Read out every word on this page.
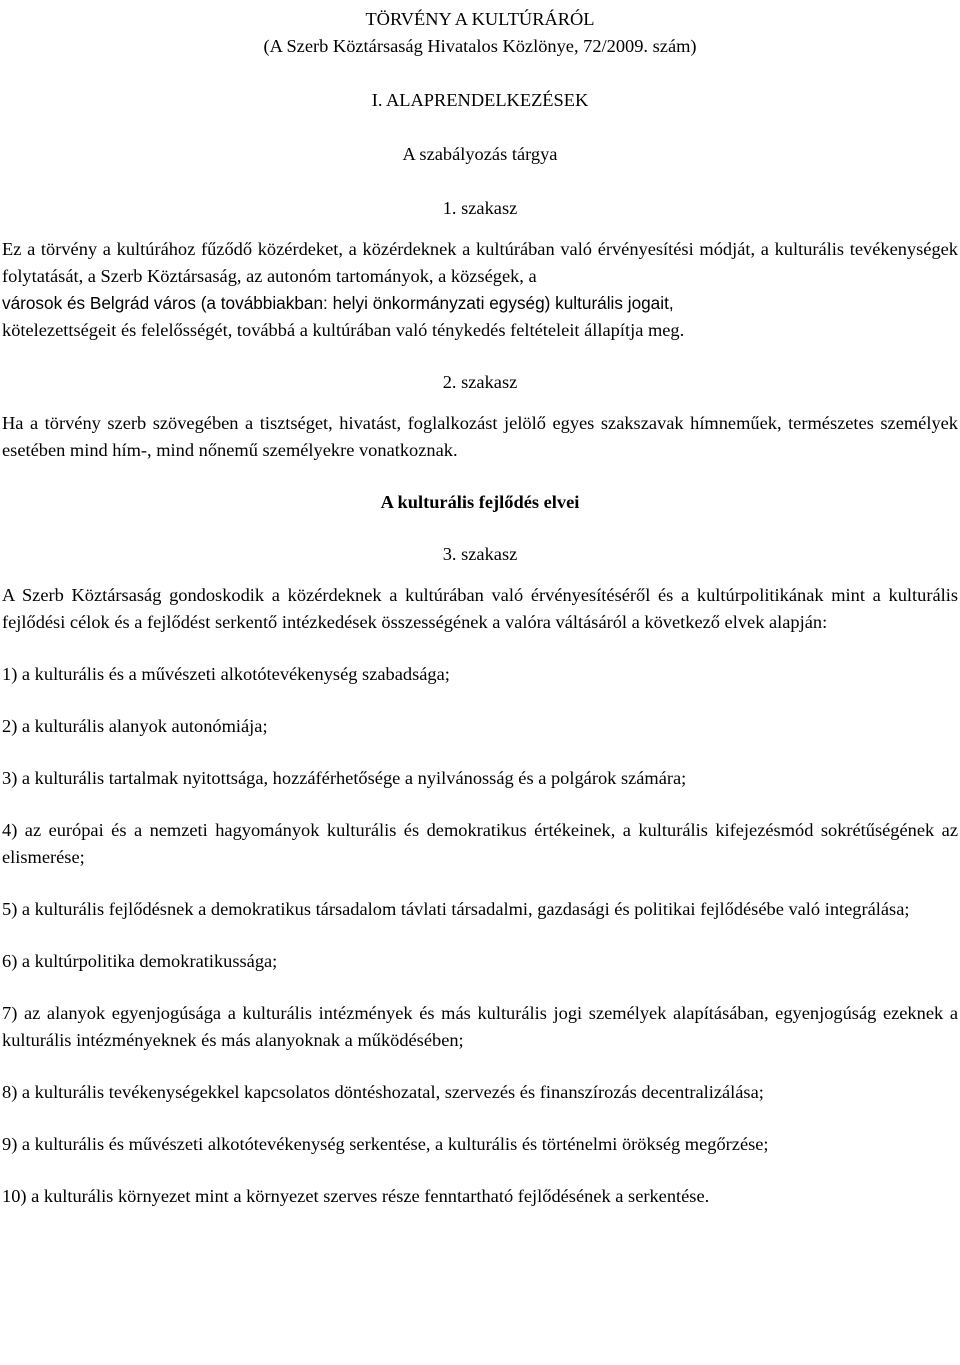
TÖRVÉNY A KULTÚRÁRÓL
(A Szerb Köztársaság Hivatalos Közlönye, 72/2009. szám)
I. ALAPRENDELKEZÉSEK
A szabályozás tárgya
1. szakasz

Ez a törvény a kultúrához fűződő közérdeket, a közérdeknek a kultúrában való érvényesítési módját, a kulturális tevékenységek folytatását, a Szerb Köztársaság, az autonóm tartományok, a községek, a

városok és Belgrád város (a továbbiakban: helyi önkormányzati egység) kulturális jogait,

kötelezettségeit és felelősségét, továbbá a kultúrában való ténykedés feltételeit állapítja meg.

2. szakasz

Ha a törvény szerb szövegében a tisztséget, hivatást, foglalkozást jelölő egyes szakszavak hímneműek, természetes személyek esetében mind hím-, mind nőnemű személyekre vonatkoznak.

A kulturális fejlődés elvei
3. szakasz

A Szerb Köztársaság gondoskodik a közérdeknek a kultúrában való érvényesítéséről és a kultúrpolitikának mint a kulturális fejlődési célok és a fejlődést serkentő intézkedések összességének a valóra váltásáról a következő elvek alapján:

1) a kulturális és a művészeti alkotótevékenység szabadsága;

2) a kulturális alanyok autonómiája;

3) a kulturális tartalmak nyitottsága, hozzáférhetősége a nyilvánosság és a polgárok számára;

4) az európai és a nemzeti hagyományok kulturális és demokratikus értékeinek, a kulturális kifejezésmód sokrétűségének az elismerése;

5) a kulturális fejlődésnek a demokratikus társadalom távlati társadalmi, gazdasági és politikai fejlődésébe való integrálása;

6) a kultúrpolitika demokratikussága;

7) az alanyok egyenjogúsága a kulturális intézmények és más kulturális jogi személyek alapításában, egyenjogúság ezeknek a kulturális intézményeknek és más alanyoknak a működésében;

8) a kulturális tevékenységekkel kapcsolatos döntéshozatal, szervezés és finanszírozás decentralizálása;

9) a kulturális és művészeti alkotótevékenység serkentése, a kulturális és történelmi örökség megőrzése;

10) a kulturális környezet mint a környezet szerves része fenntartható fejlődésének a serkentése.
